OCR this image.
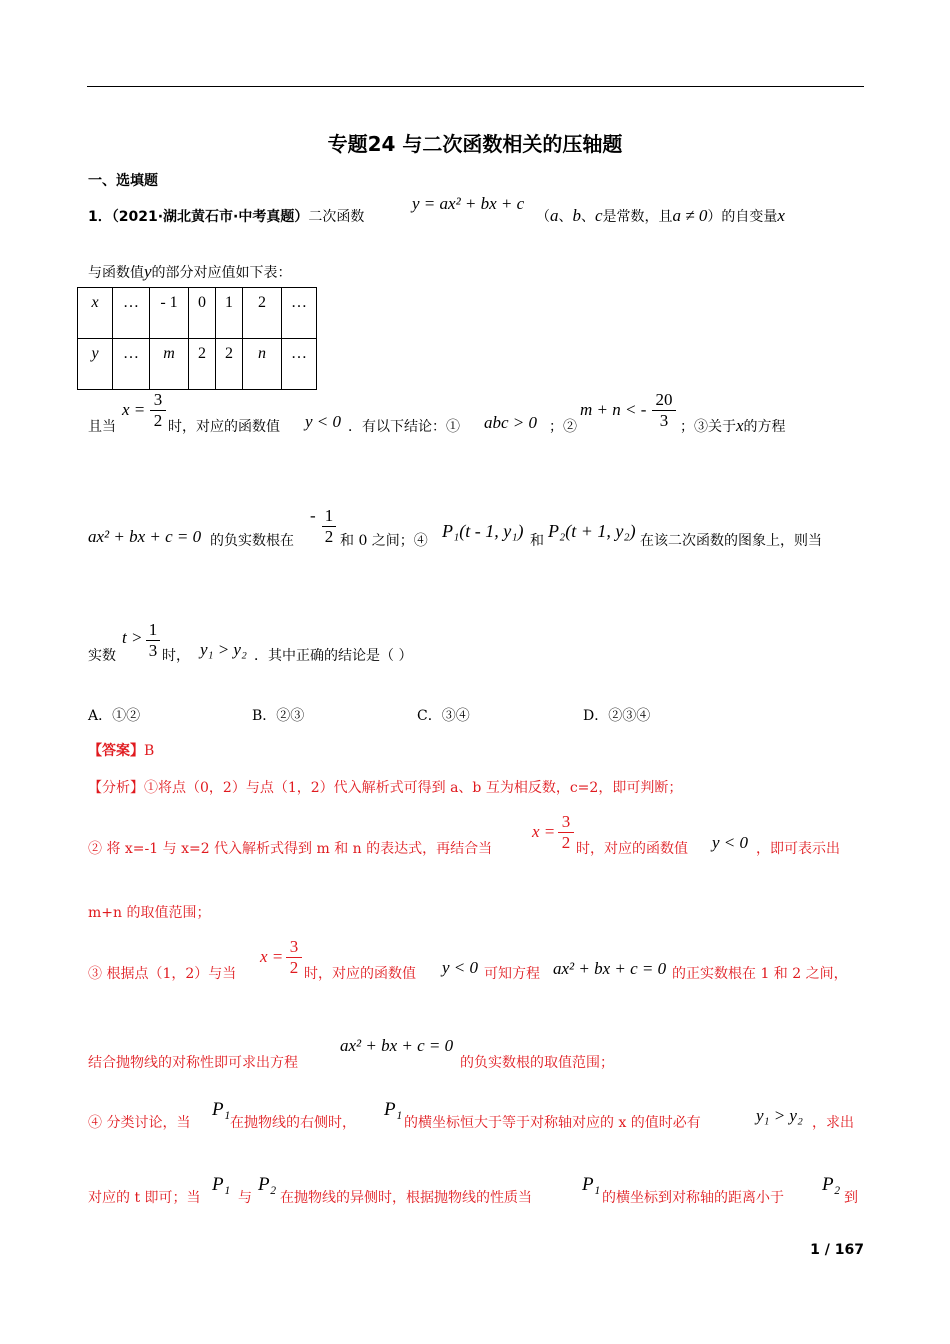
专题24 与二次函数相关的压轴题
一、选填题
1．（2021·湖北黄石市·中考真题）二次函数
y = ax² + bx + c
（a、b、c是常数，且a ≠ 0）的自变量x
与函数值y的部分对应值如下表：
x	…	- 1	0	1	2	…
y	…	m	2	2	n	…
且当
$x = \frac{3}{2}$ 时，对应的函数值 y < 0 ．有以下结论：① abc > 0 ；②
m + n < - $\frac{20}{3}$ ；③关于x的方程
ax² + bx + c = 0 的负实数根在
- $\frac{1}{2}$ 和 0 之间；④ P₁(t - 1, y₁) 和 P₂(t + 1, y₂) 在该二次函数的图象上，则当
实数
$t > \frac{1}{3}$ 时， y₁ > y₂ ．其中正确的结论是（ ）
A．①②	B．②③	C．③④	D．②③④
【答案】B
【分析】①将点（0，2）与点（1，2）代入解析式可得到 a、b 互为相反数，c=2，即可判断；
② 将 x=-1 与 x=2 代入解析式得到 m 和 n 的表达式，再结合当
$x = \frac{3}{2}$ 时，对应的函数值 y < 0 ，即可表示出
m+n 的取值范围；
③ 根据点（1，2）与当
$x = \frac{3}{2}$ 时，对应的函数值 y < 0 可知方程 ax² + bx + c = 0 的正实数根在 1 和 2 之间，
结合抛物线的对称性即可求出方程
ax² + bx + c = 0
的负实数根的取值范围；
④ 分类讨论，当
P₁
在抛物线的右侧时，
P₁
的横坐标恒大于等于对称轴对应的 x 的值时必有	y₁ > y₂ ，求出
对应的 t 即可；当
P₁
与
P₂
在抛物线的异侧时，根据抛物线的性质当
P₁
的横坐标到对称轴的距离小于
P₂
到
1 / 167
